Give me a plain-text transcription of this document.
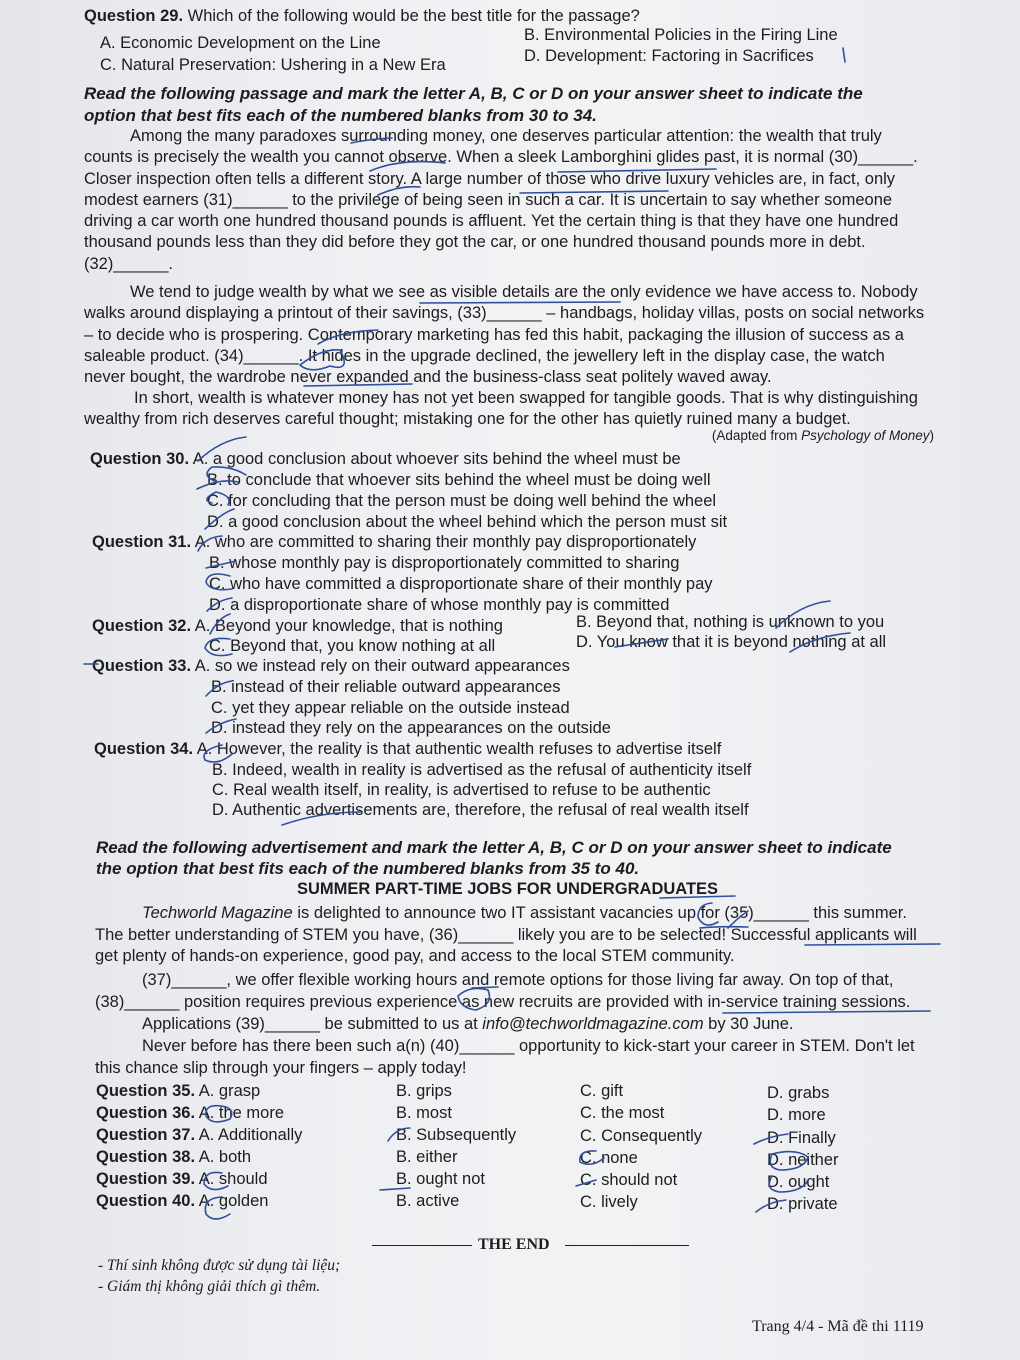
Question 29. Which of the following would be the best title for the passage?
A. Economic Development on the Line	B. Environmental Policies in the Firing Line
C. Natural Preservation: Ushering in a New Era	D. Development: Factoring in Sacrifices
Read the following passage and mark the letter A, B, C or D on your answer sheet to indicate the
option that best fits each of the numbered blanks from 30 to 34.
Among the many paradoxes surrounding money, one deserves particular attention: the wealth that truly
counts is precisely the wealth you cannot observe. When a sleek Lamborghini glides past, it is normal (30)______.
Closer inspection often tells a different story. A large number of those who drive luxury vehicles are, in fact, only
modest earners (31)______ to the privilege of being seen in such a car. It is uncertain to say whether someone
driving a car worth one hundred thousand pounds is affluent. Yet the certain thing is that they have one hundred
thousand pounds less than they did before they got the car, or one hundred thousand pounds more in debt.
(32)______.
We tend to judge wealth by what we see as visible details are the only evidence we have access to. Nobody
walks around displaying a printout of their savings, (33)______ – handbags, holiday villas, posts on social networks
– to decide who is prospering. Contemporary marketing has fed this habit, packaging the illusion of success as a
saleable product. (34)______. It hides in the upgrade declined, the jewellery left in the display case, the watch
never bought, the wardrobe never expanded and the business-class seat politely waved away.
In short, wealth is whatever money has not yet been swapped for tangible goods. That is why distinguishing
wealthy from rich deserves careful thought; mistaking one for the other has quietly ruined many a budget.
(Adapted from Psychology of Money)
Question 30. A. a good conclusion about whoever sits behind the wheel must be
B. to conclude that whoever sits behind the wheel must be doing well
C. for concluding that the person must be doing well behind the wheel
D. a good conclusion about the wheel behind which the person must sit
Question 31. A. who are committed to sharing their monthly pay disproportionately
B. whose monthly pay is disproportionately committed to sharing
C. who have committed a disproportionate share of their monthly pay
D. a disproportionate share of whose monthly pay is committed
Question 32. A. Beyond your knowledge, that is nothing	B. Beyond that, nothing is unknown to you
C. Beyond that, you know nothing at all	D. You know that it is beyond nothing at all
Question 33. A. so we instead rely on their outward appearances
B. instead of their reliable outward appearances
C. yet they appear reliable on the outside instead
D. instead they rely on the appearances on the outside
Question 34. A. However, the reality is that authentic wealth refuses to advertise itself
B. Indeed, wealth in reality is advertised as the refusal of authenticity itself
C. Real wealth itself, in reality, is advertised to refuse to be authentic
D. Authentic advertisements are, therefore, the refusal of real wealth itself
Read the following advertisement and mark the letter A, B, C or D on your answer sheet to indicate
the option that best fits each of the numbered blanks from 35 to 40.
SUMMER PART-TIME JOBS FOR UNDERGRADUATES
Techworld Magazine is delighted to announce two IT assistant vacancies up for (35)______ this summer.
The better understanding of STEM you have, (36)______ likely you are to be selected! Successful applicants will
get plenty of hands-on experience, good pay, and access to the local STEM community.
(37)______, we offer flexible working hours and remote options for those living far away. On top of that,
(38)______ position requires previous experience as new recruits are provided with in-service training sessions.
Applications (39)______ be submitted to us at info@techworldmagazine.com by 30 June.
Never before has there been such a(n) (40)______ opportunity to kick-start your career in STEM. Don't let
this chance slip through your fingers – apply today!
Question 35. A. grasp	B. grips	C. gift	D. grabs
Question 36. A. the more	B. most	C. the most	D. more
Question 37. A. Additionally	B. Subsequently	C. Consequently	D. Finally
Question 38. A. both	B. either	C. none	D. neither
Question 39. A. should	B. ought not	C. should not	D. ought
Question 40. A. golden	B. active	C. lively	D. private
THE END
- Thí sinh không được sử dụng tài liệu;
- Giám thị không giải thích gì thêm.
Trang 4/4 - Mã đề thi 1119
